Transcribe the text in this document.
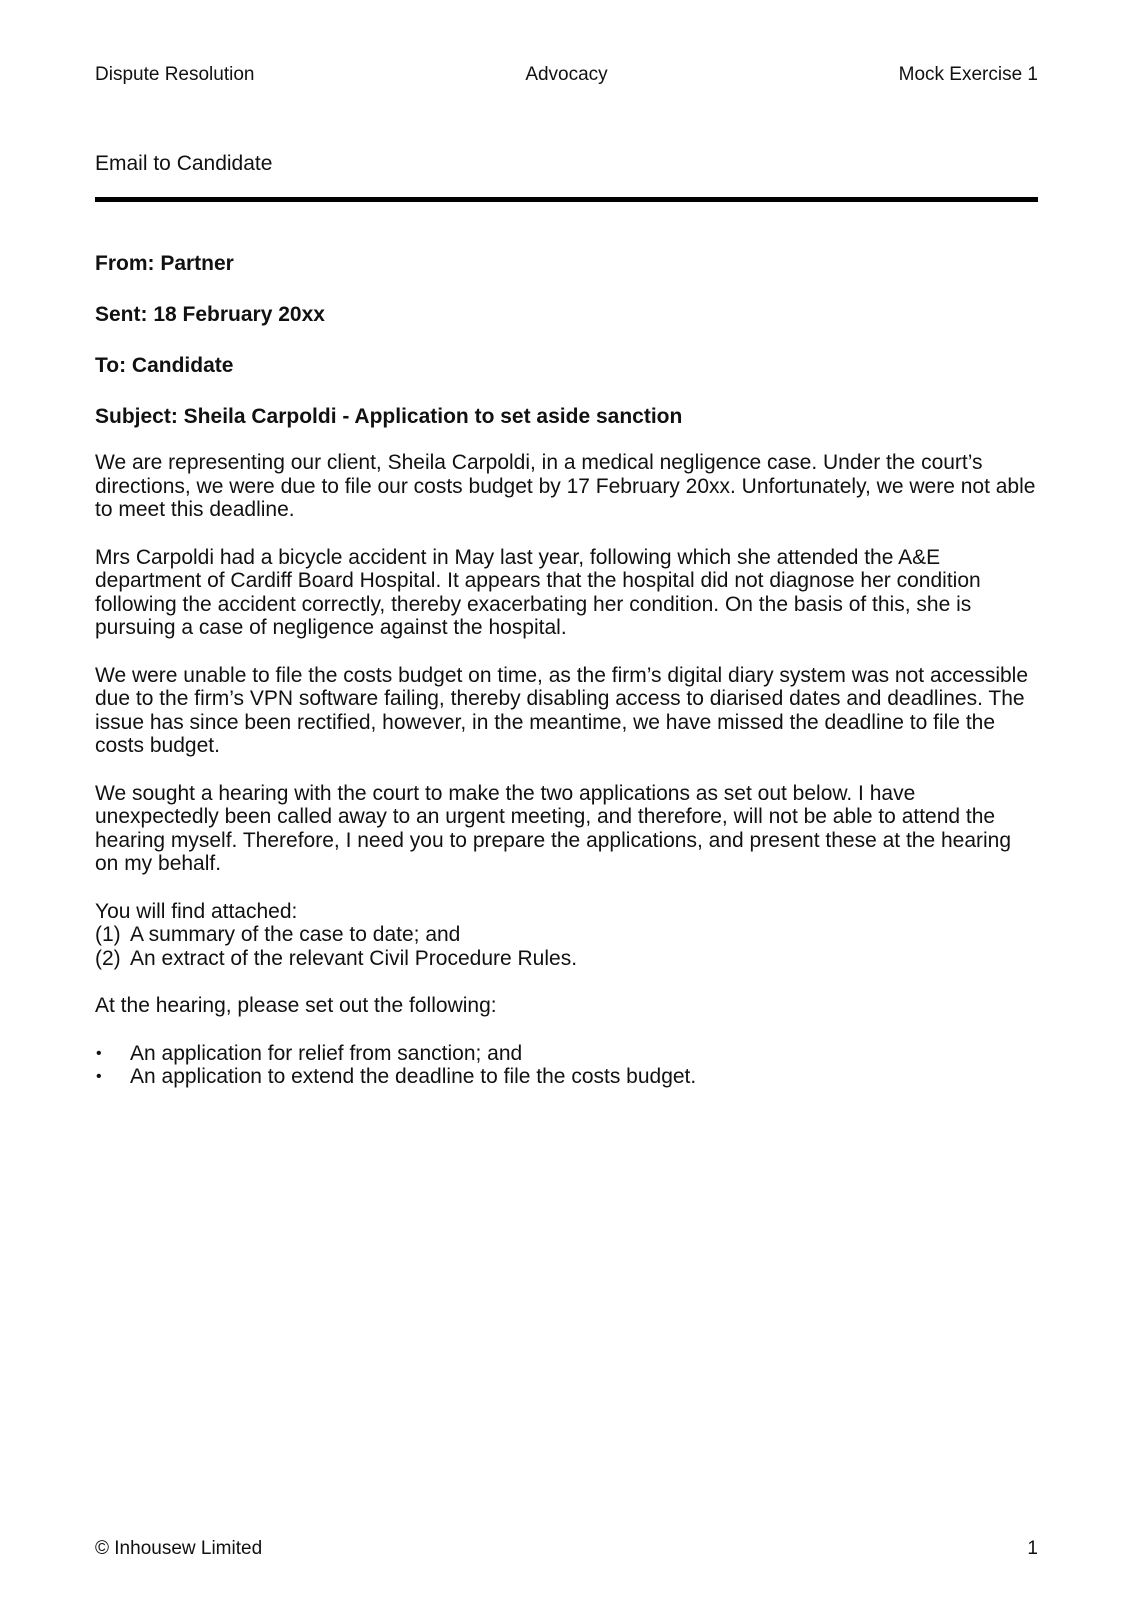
Dispute Resolution	Advocacy	Mock Exercise 1
Email to Candidate
From: Partner
Sent: 18 February 20xx
To: Candidate
Subject: Sheila Carpoldi - Application to set aside sanction

We are representing our client, Sheila Carpoldi, in a medical negligence case. Under the court’s directions, we were due to file our costs budget by 17 February 20xx. Unfortunately, we were not able to meet this deadline.

Mrs Carpoldi had a bicycle accident in May last year, following which she attended the A&E department of Cardiff Board Hospital. It appears that the hospital did not diagnose her condition following the accident correctly, thereby exacerbating her condition. On the basis of this, she is pursuing a case of negligence against the hospital.

We were unable to file the costs budget on time, as the firm’s digital diary system was not accessible due to the firm’s VPN software failing, thereby disabling access to diarised dates and deadlines. The issue has since been rectified, however, in the meantime, we have missed the deadline to file the costs budget.

We sought a hearing with the court to make the two applications as set out below. I have unexpectedly been called away to an urgent meeting, and therefore, will not be able to attend the hearing myself. Therefore, I need you to prepare the applications, and present these at the hearing on my behalf.

You will find attached:
(1) A summary of the case to date; and
(2) An extract of the relevant Civil Procedure Rules.

At the hearing, please set out the following:

• An application for relief from sanction; and
• An application to extend the deadline to file the costs budget.
© Inhousew Limited	1
